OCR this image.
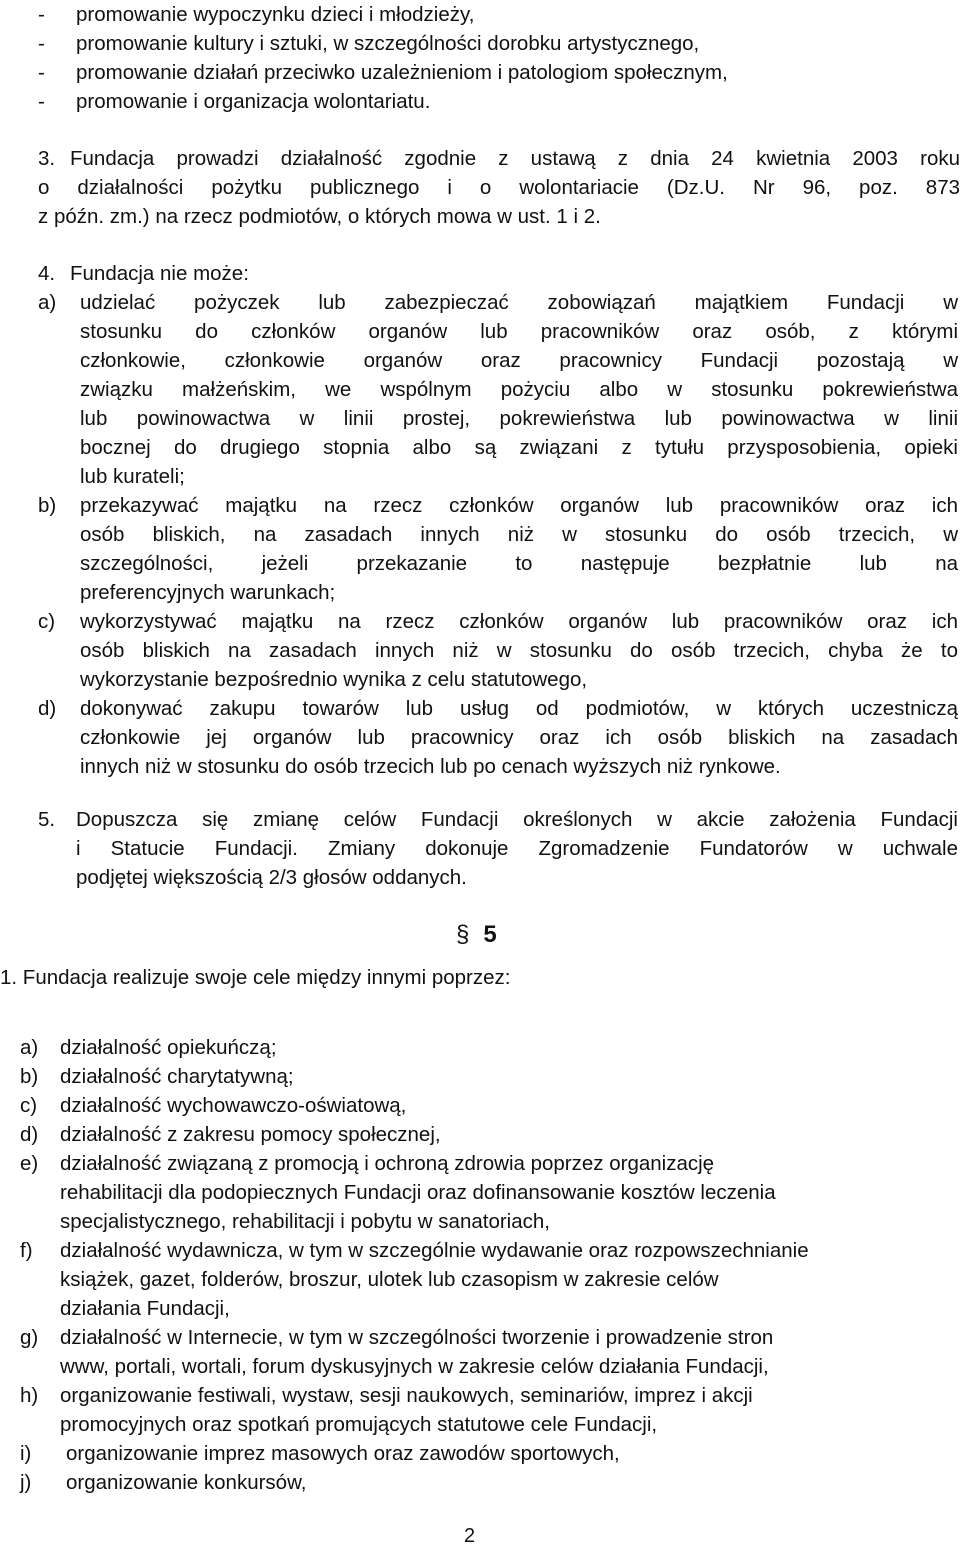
- promowanie wypoczynku dzieci i młodzieży,
- promowanie kultury i sztuki, w szczególności dorobku artystycznego,
- promowanie działań przeciwko uzależnieniom i patologiom społecznym,
- promowanie i organizacja wolontariatu.
3. Fundacja prowadzi działalność zgodnie z ustawą z dnia 24 kwietnia 2003 roku
o działalności pożytku publicznego i o wolontariacie (Dz.U. Nr 96, poz. 873
z późn. zm.) na rzecz podmiotów, o których mowa w ust. 1 i 2.
4. Fundacja nie może:
a) udzielać pożyczek lub zabezpieczać zobowiązań majątkiem Fundacji w
stosunku do członków organów lub pracowników oraz osób, z którymi
członkowie, członkowie organów oraz pracownicy Fundacji pozostają w
związku małżeńskim, we wspólnym pożyciu albo w stosunku pokrewieństwa
lub powinowactwa w linii prostej, pokrewieństwa lub powinowactwa w linii
bocznej do drugiego stopnia albo są związani z tytułu przysposobienia, opieki
lub kurateli;
b) przekazywać majątku na rzecz członków organów lub pracowników oraz ich
osób bliskich, na zasadach innych niż w stosunku do osób trzecich, w
szczególności, jeżeli przekazanie to następuje bezpłatnie lub na
preferencyjnych warunkach;
c) wykorzystywać majątku na rzecz członków organów lub pracowników oraz ich
osób bliskich na zasadach innych niż w stosunku do osób trzecich, chyba że to
wykorzystanie bezpośrednio wynika z celu statutowego,
d) dokonywać zakupu towarów lub usług od podmiotów, w których uczestniczą
członkowie jej organów lub pracownicy oraz ich osób bliskich na zasadach
innych niż w stosunku do osób trzecich lub po cenach wyższych niż rynkowe.
5. Dopuszcza się zmianę celów Fundacji określonych w akcie założenia Fundacji
i Statucie Fundacji. Zmiany dokonuje Zgromadzenie Fundatorów w uchwale
podjętej większością 2/3 głosów oddanych.
§ 5
1. Fundacja realizuje swoje cele między innymi poprzez:
a) działalność opiekuńczą;
b) działalność charytatywną;
c) działalność wychowawczo-oświatową,
d) działalność z zakresu pomocy społecznej,
e) działalność związaną z promocją i ochroną zdrowia poprzez organizację
rehabilitacji dla podopiecznych Fundacji oraz dofinansowanie kosztów leczenia
specjalistycznego, rehabilitacji i pobytu w sanatoriach,
f) działalność wydawnicza, w tym w szczególnie wydawanie oraz rozpowszechnianie
książek, gazet, folderów, broszur, ulotek lub czasopism w zakresie celów
działania Fundacji,
g) działalność w Internecie, w tym w szczególności tworzenie i prowadzenie stron
www, portali, wortali, forum dyskusyjnych w zakresie celów działania Fundacji,
h) organizowanie festiwali, wystaw, sesji naukowych, seminariów, imprez i akcji
promocyjnych oraz spotkań promujących statutowe cele Fundacji,
i) organizowanie imprez masowych oraz zawodów sportowych,
j) organizowanie konkursów,
2
